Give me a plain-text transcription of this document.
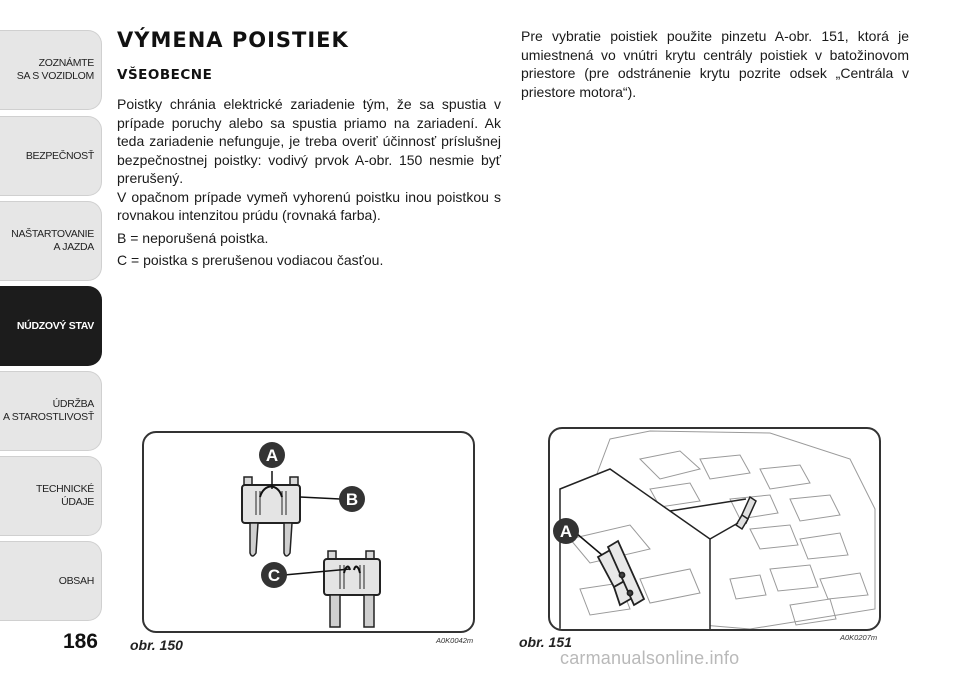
ZOZNÁMTE
SA S VOZIDLOM
BEZPEČNOSŤ
NAŠTARTOVANIE
A JAZDA
NÚDZOVÝ STAV
ÚDRŽBA
A STAROSTLIVOSŤ
TECHNICKÉ
ÚDAJE
OBSAH
186
VÝMENA POISTIEK
VŠEOBECNE

Poistky chránia elektrické zariadenie tým, že sa spustia v prípade poruchy alebo sa spustia priamo na zariadení. Ak teda zariadenie nefunguje, je treba overiť účinnosť príslušnej bezpečnostnej poistky: vodivý prvok A-obr. 150 nesmie byť prerušený.
V opačnom prípade vymeň vyhorenú poistku inou poistkou s rovnakou intenzitou prúdu (rovnaká farba).

B = neporušená poistka.

C = poistka s prerušenou vodiacou časťou.

Pre vybratie poistiek použite pinzetu A-obr. 151, ktorá je umiestnená vo vnútri krytu centrály poistiek v batožinovom priestore (pre odstránenie krytu pozrite odsek „Centrála v priestore motora“).

A
B
C
obr. 150	A0K0042m
A
obr. 151	A0K0207m
carmanualsonline.info
